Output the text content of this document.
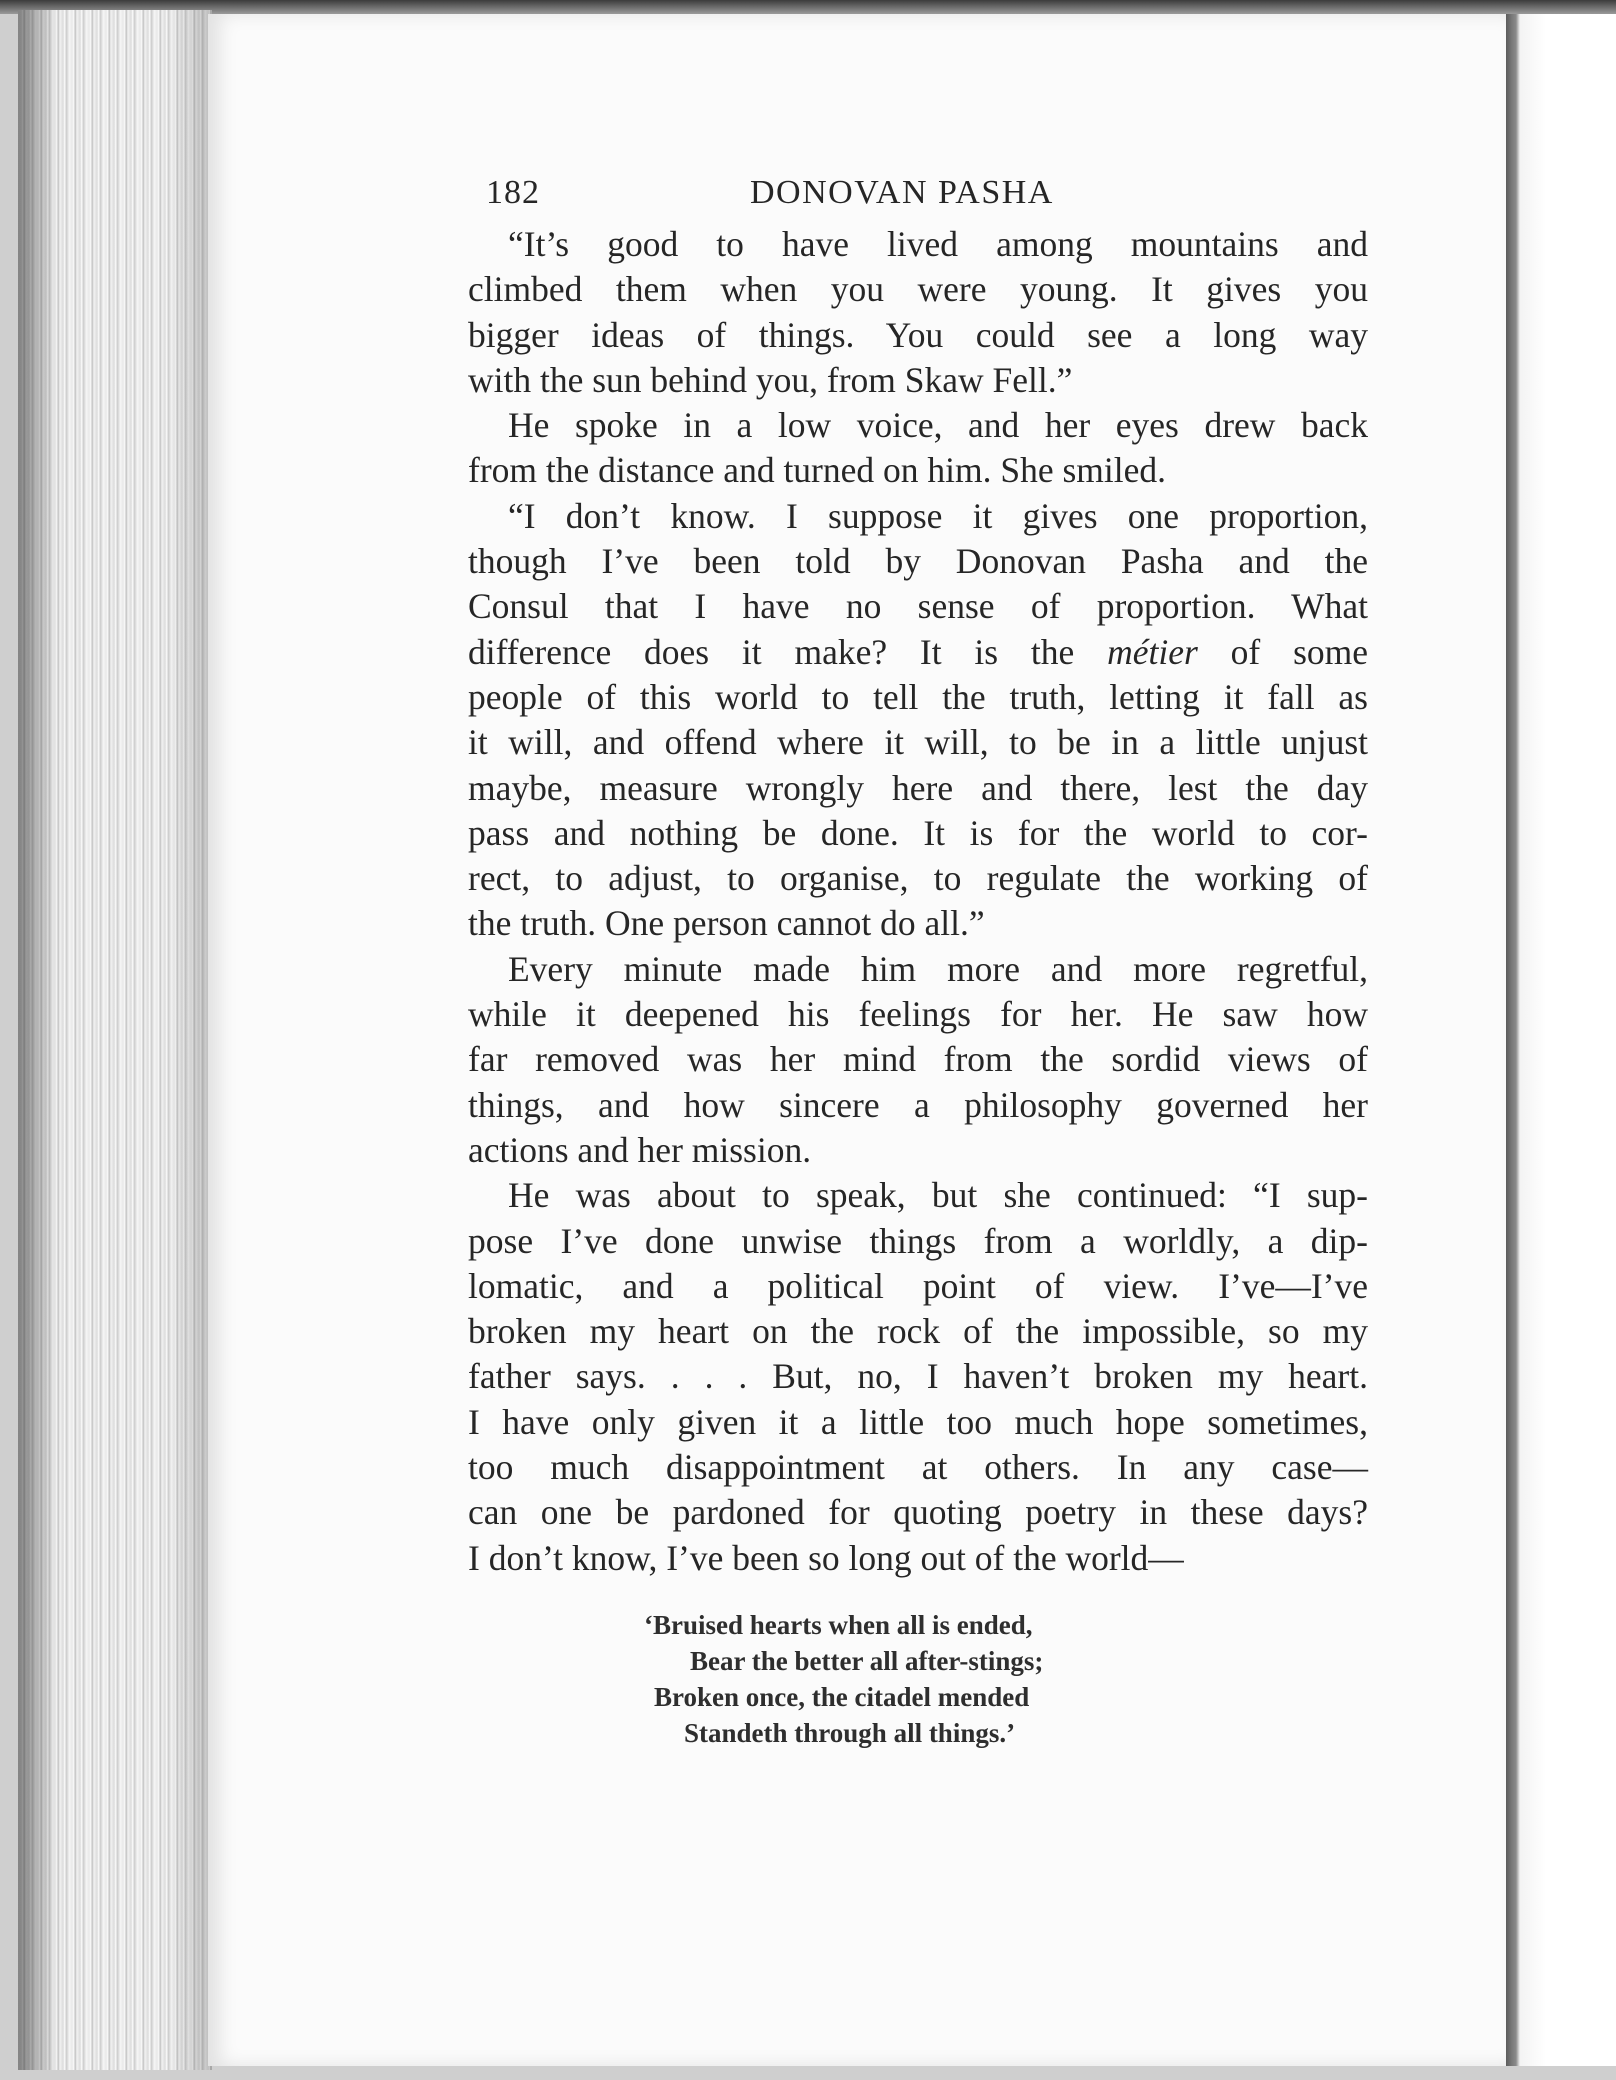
182	DONOVAN PASHA
“It’s good to have lived among mountains and
climbed them when you were young. It gives you
bigger ideas of things. You could see a long way
with the sun behind you, from Skaw Fell.”
He spoke in a low voice, and her eyes drew back
from the distance and turned on him. She smiled.
“I don’t know. I suppose it gives one proportion,
though I’ve been told by Donovan Pasha and the
Consul that I have no sense of proportion. What
difference does it make? It is the métier of some
people of this world to tell the truth, letting it fall as
it will, and offend where it will, to be in a little unjust
maybe, measure wrongly here and there, lest the day
pass and nothing be done. It is for the world to cor-
rect, to adjust, to organise, to regulate the working of
the truth. One person cannot do all.”
Every minute made him more and more regretful,
while it deepened his feelings for her. He saw how
far removed was her mind from the sordid views of
things, and how sincere a philosophy governed her
actions and her mission.
He was about to speak, but she continued: “I sup-
pose I’ve done unwise things from a worldly, a dip-
lomatic, and a political point of view. I’ve—I’ve
broken my heart on the rock of the impossible, so my
father says. . . . But, no, I haven’t broken my heart.
I have only given it a little too much hope sometimes,
too much disappointment at others. In any case—
can one be pardoned for quoting poetry in these days?
I don’t know, I’ve been so long out of the world—
‘Bruised hearts when all is ended,
Bear the better all after-stings;
Broken once, the citadel mended
Standeth through all things.’
